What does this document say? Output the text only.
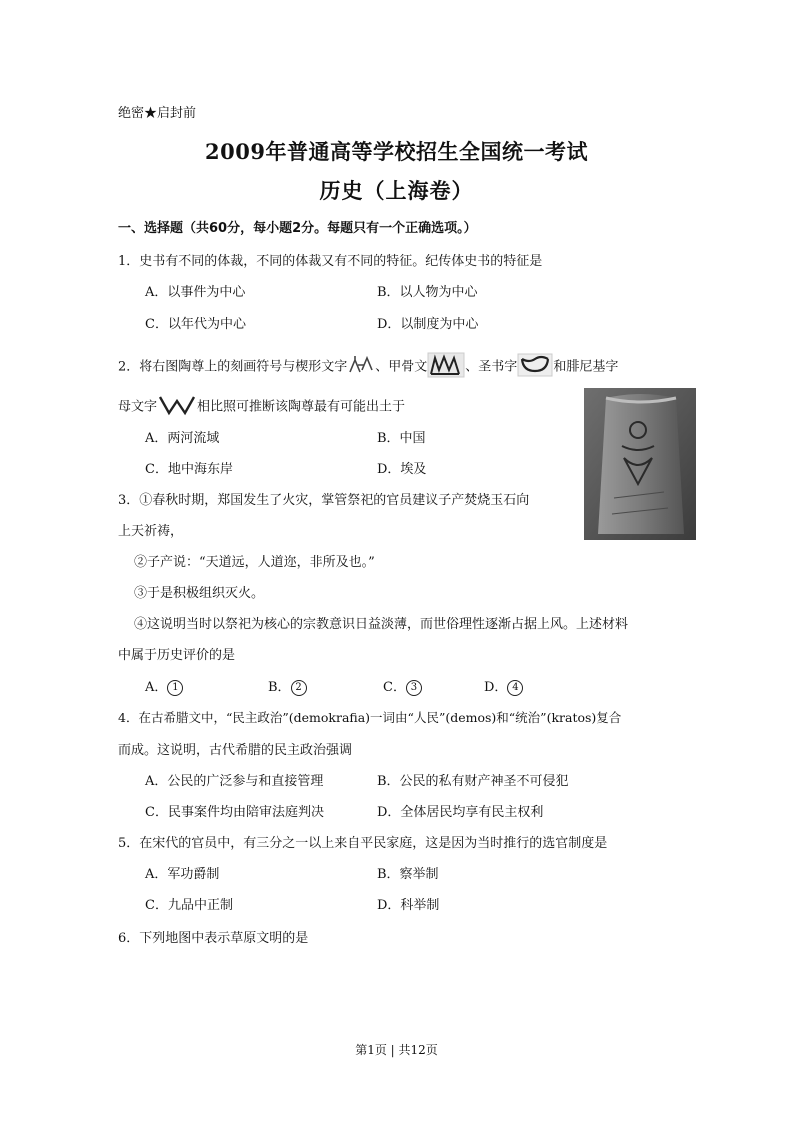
绝密★启封前
2009年普通高等学校招生全国统一考试
历史（上海卷）
一、选择题（共60分，每小题2分。每题只有一个正确选项。）
1．史书有不同的体裁，不同的体裁又有不同的特征。纪传体史书的特征是
A．以事件为中心	B．以人物为中心
C．以年代为中心	D．以制度为中心
2．将右图陶尊上的刻画符号与楔形文字 、甲骨文	、圣书字	和腓尼基字
母文字	相比照可推断该陶尊最有可能出土于
A．两河流域	B．中国
C．地中海东岸	D．埃及
3．①春秋时期，郑国发生了火灾，掌管祭祀的官员建议子产焚烧玉石向
上天祈祷，
②子产说：“天道远，人道迩，非所及也。”
③于是积极组织灭火。
④这说明当时以祭祀为核心的宗教意识日益淡薄，而世俗理性逐渐占据上风。上述材料
中属于历史评价的是
A． 1	B． 2	C． 3	D． 4
4．在古希腊文中，“民主政治”(demokrafia)一词由“人民”(demos)和“统治”(kratos)复合
而成。这说明，古代希腊的民主政治强调
A．公民的广泛参与和直接管理	B．公民的私有财产神圣不可侵犯
C．民事案件均由陪审法庭判决	D．全体居民均享有民主权利
5．在宋代的官员中，有三分之一以上来自平民家庭，这是因为当时推行的选官制度是
A．军功爵制	B．察举制
C．九品中正制	D．科举制
6．下列地图中表示草原文明的是
第1页 | 共12页
